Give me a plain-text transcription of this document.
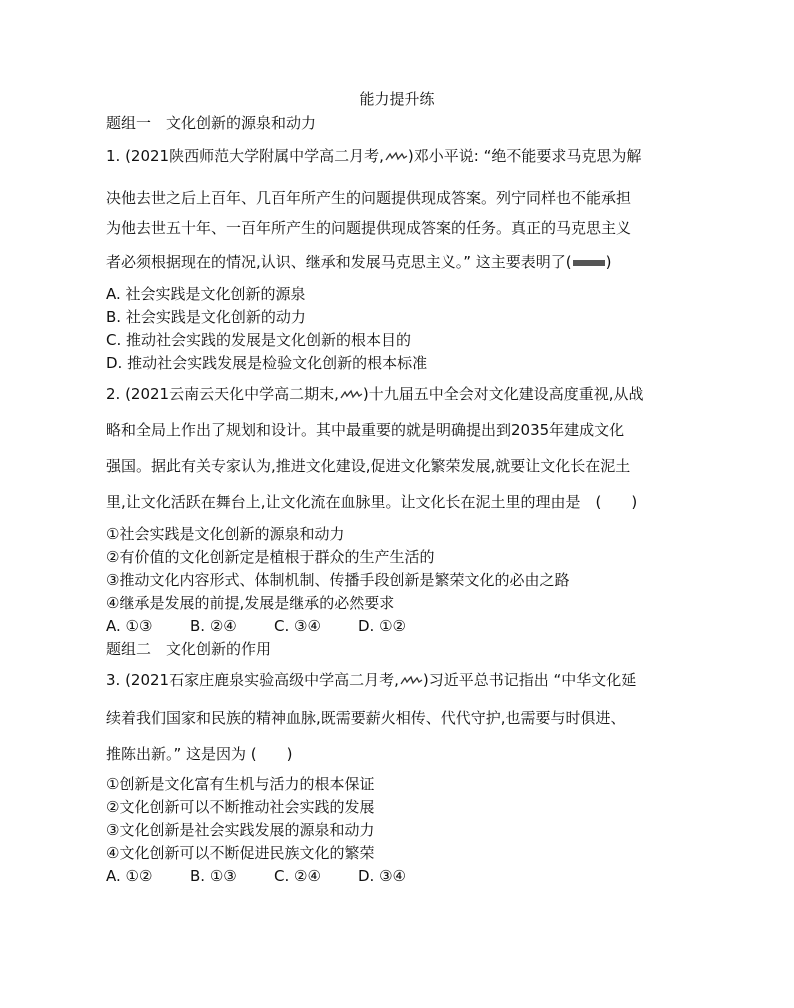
能力提升练
题组一　文化创新的源泉和动力
1. (2021陕西师范大学附属中学高二月考, )邓小平说: “绝不能要求马克思为解
决他去世之后上百年、几百年所产生的问题提供现成答案。列宁同样也不能承担
为他去世五十年、一百年所产生的问题提供现成答案的任务。真正的马克思主义
者必须根据现在的情况,认识、继承和发展马克思主义。” 这主要表明了( )
A. 社会实践是文化创新的源泉
B. 社会实践是文化创新的动力
C. 推动社会实践的发展是文化创新的根本目的
D. 推动社会实践发展是检验文化创新的根本标准
2. (2021云南云天化中学高二期末, )十九届五中全会对文化建设高度重视,从战
略和全局上作出了规划和设计。其中最重要的就是明确提出到2035年建成文化
强国。据此有关专家认为,推进文化建设,促进文化繁荣发展,就要让文化长在泥土
里,让文化活跃在舞台上,让文化流在血脉里。让文化长在泥土里的理由是　(　　)
①社会实践是文化创新的源泉和动力
②有价值的文化创新定是植根于群众的生产生活的
③推动文化内容形式、体制机制、传播手段创新是繁荣文化的必由之路
④继承是发展的前提,发展是继承的必然要求
A. ①③	B. ②④ C. ③④ D. ①②
题组二　文化创新的作用
3. (2021石家庄鹿泉实验高级中学高二月考, )习近平总书记指出 “中华文化延
续着我们国家和民族的精神血脉,既需要薪火相传、代代守护,也需要与时俱进、
推陈出新。” 这是因为 (　　)
①创新是文化富有生机与活力的根本保证
②文化创新可以不断推动社会实践的发展
③文化创新是社会实践发展的源泉和动力
④文化创新可以不断促进民族文化的繁荣
A. ①②	B. ①③ C. ②④ D. ③④
